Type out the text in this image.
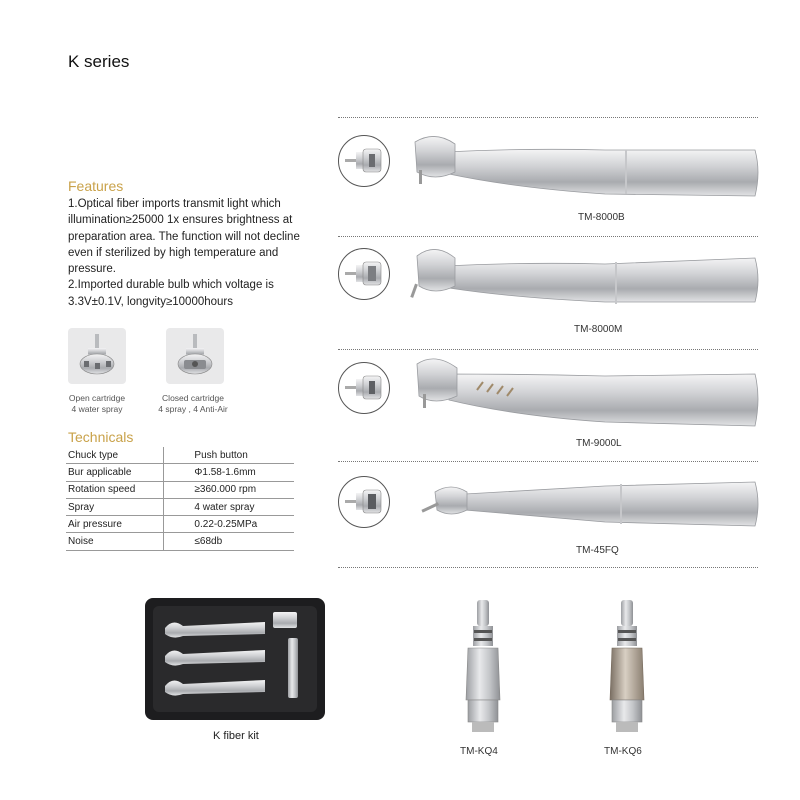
K series
Features

1.Optical fiber imports transmit light which

illumination≥25000 1x ensures brightness at

preparation area. The function will not decline

even if sterilized by high temperature and

pressure.

2.Imported durable bulb which voltage is

3.3V±0.1V, longvity≥10000hours

Open cartridge
4 water spray
Closed cartridge
4 spray , 4 Anti-Air
Technicals
Chuck type	Push button
Bur applicable	Φ1.58-1.6mm
Rotation speed	≥360.000 rpm
Spray	4 water spray
Air pressure	0.22-0.25MPa
Noise	≤68db
TM-8000B
TM-8000M
TM-9000L
TM-45FQ
K fiber kit
TM-KQ4	TM-KQ6
